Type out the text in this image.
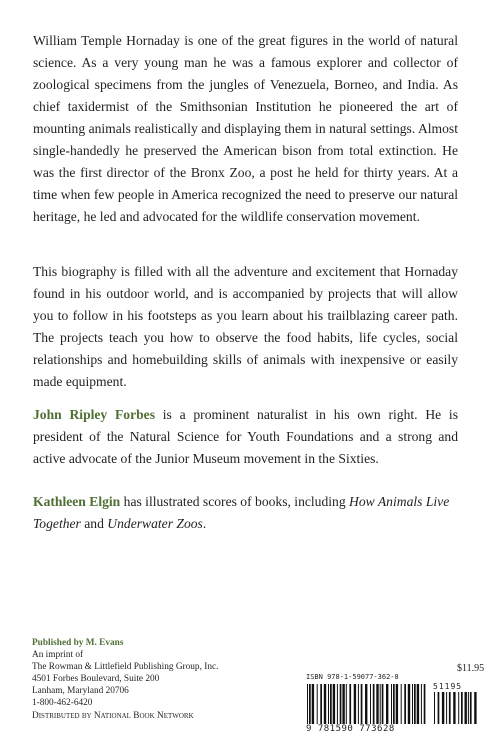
William Temple Hornaday is one of the great figures in the world of natural science. As a very young man he was a famous explorer and collector of zoological specimens from the jungles of Venezuela, Borneo, and India. As chief taxidermist of the Smithsonian Institution he pioneered the art of mounting animals realistically and displaying them in natural settings. Almost single-handedly he preserved the American bison from total extinction. He was the first director of the Bronx Zoo, a post he held for thirty years. At a time when few people in America recognized the need to preserve our natural heritage, he led and advocated for the wildlife conservation movement.

This biography is filled with all the adventure and excitement that Hornaday found in his outdoor world, and is accompanied by projects that will allow you to follow in his footsteps as you learn about his trailblazing career path. The projects teach you how to observe the food habits, life cycles, social relationships and homebuilding skills of animals with inexpensive or easily made equipment.

John Ripley Forbes is a prominent naturalist in his own right. He is president of the Natural Science for Youth Foundations and a strong and active advocate of the Junior Museum movement in the Sixties.

Kathleen Elgin has illustrated scores of books, including How Animals Live Together and Underwater Zoos.

Published by M. Evans
An imprint of
The Rowman & Littlefield Publishing Group, Inc.
4501 Forbes Boulevard, Suite 200
Lanham, Maryland 20706
1-800-462-6420
Distributed by National Book Network
$11.95
ISBN 978-1-59077-362-8
51195
9 781590 773628
